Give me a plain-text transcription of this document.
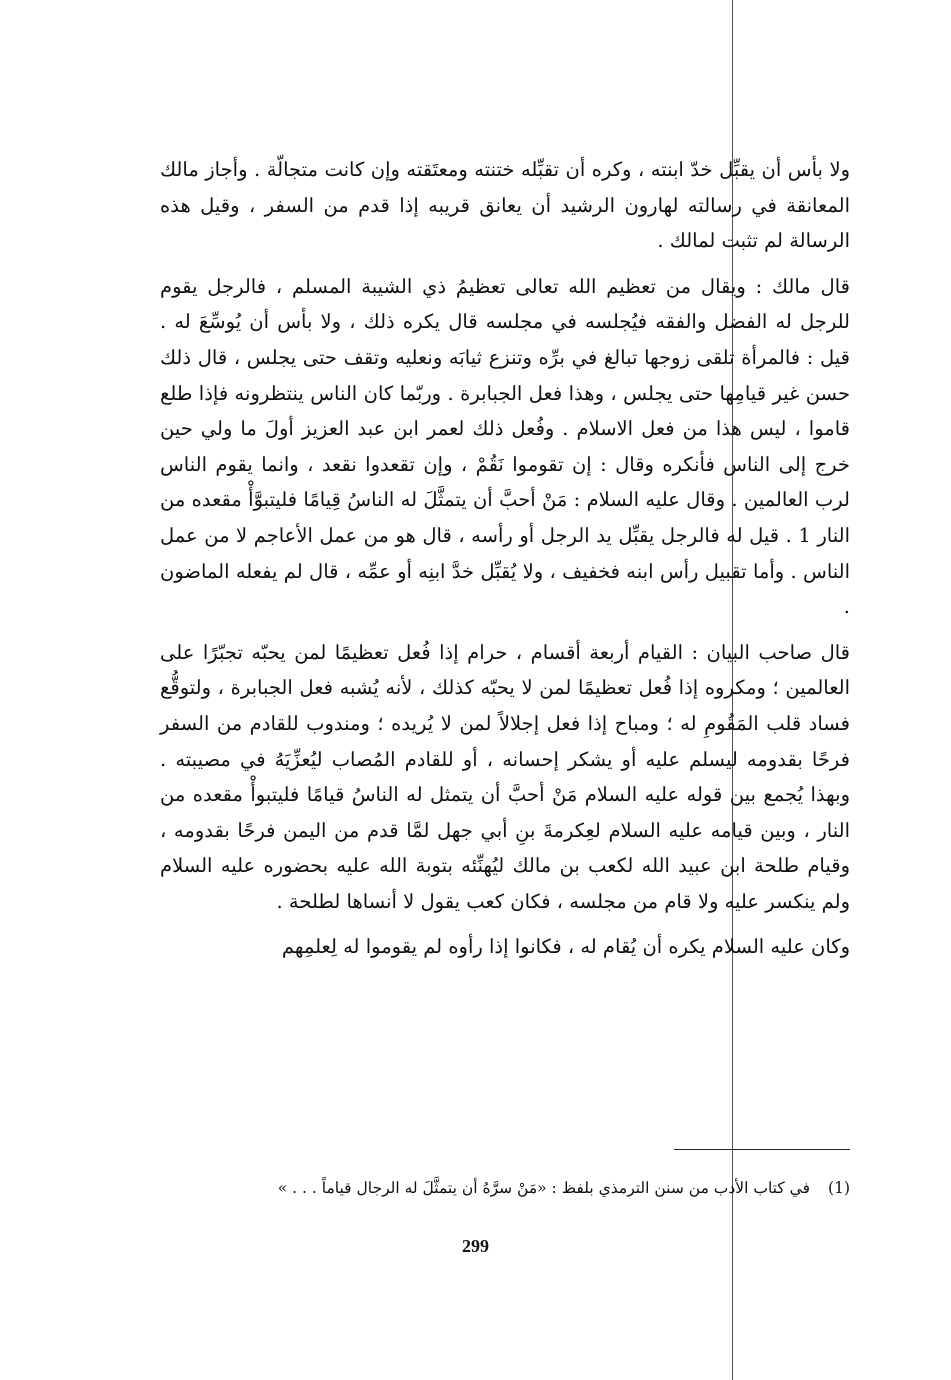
ولا بأس أن يقبِّل خدّ ابنته ، وكره أن تقبِّله ختنته ومعتَقته وإن كانت متجالّة . وأجاز مالك المعانقة في رسالته لهارون الرشيد أن يعانق قريبه إذا قدم من السفر ، وقيل هذه الرسالة لم تثبت لمالك .

قال مالك : ويقال من تعظيم الله تعالى تعظيمُ ذي الشيبة المسلم ، فالرجل يقوم للرجل له الفضل والفقه فيُجلسه في مجلسه قال يكره ذلك ، ولا بأس أن يُوسِّعَ له . قيل : فالمرأة تلقى زوجها تبالغ في برِّه وتنزع ثيابَه ونعليه وتقف حتى يجلس ، قال ذلك حسن غير قيامِها حتى يجلس ، وهذا فعل الجبابرة . وربّما كان الناس ينتظرونه فإذا طلع قاموا ، ليس هذا من فعل الاسلام . وفُعل ذلك لعمر ابن عبد العزيز أولَ ما ولي حين خرج إلى الناس فأنكره وقال : إن تقوموا نَقُمْ ، وإن تقعدوا نقعد ، وانما يقوم الناس لرب العالمين . وقال عليه السلام : مَنْ أحبَّ أن يتمثَّلَ له الناسُ قِيامًا فليتبوَّأْ مقعده من النار 1 . قيل له فالرجل يقبِّل يد الرجل أو رأسه ، قال هو من عمل الأعاجم لا من عمل الناس . وأما تقبيل رأس ابنه فخفيف ، ولا يُقبِّل خدَّ ابنِه أو عمِّه ، قال لم يفعله الماضون .

قال صاحب البيان : القيام أربعة أقسام ، حرام إذا فُعل تعظيمًا لمن يحبّه تجبّرًا على العالمين ؛ ومكروه إذا فُعل تعظيمًا لمن لا يحبّه كذلك ، لأنه يُشبه فعل الجبابرة ، ولتوقُّع فساد قلب المَقُومِ له ؛ ومباح إذا فعل إجلالاً لمن لا يُريده ؛ ومندوب للقادم من السفر فرحًا بقدومه ليسلم عليه أو يشكر إحسانه ، أو للقادم المُصاب ليُعزِّيَهُ في مصيبته . وبهذا يُجمع بين قوله عليه السلام مَنْ أحبَّ أن يتمثل له الناسُ قيامًا فليتبوأْ مقعده من النار ، وبين قيامه عليه السلام لعِكرمةَ بنِ أبي جهل لمَّا قدم من اليمن فرحًا بقدومه ، وقيام طلحة ابن عبيد الله لكعب بن مالك ليُهنِّئه بتوبة الله عليه بحضوره عليه السلام ولم ينكسر عليه ولا قام من مجلسه ، فكان كعب يقول لا أنساها لطلحة .

وكان عليه السلام يكره أن يُقام له ، فكانوا إذا رأوه لم يقوموا له لِعلمِهم

(1)في كتاب الأدب من سنن الترمذي بلفظ : «مَنْ سرَّهُ أن يتمثَّلَ له الرجال قياماً . . . »
299
